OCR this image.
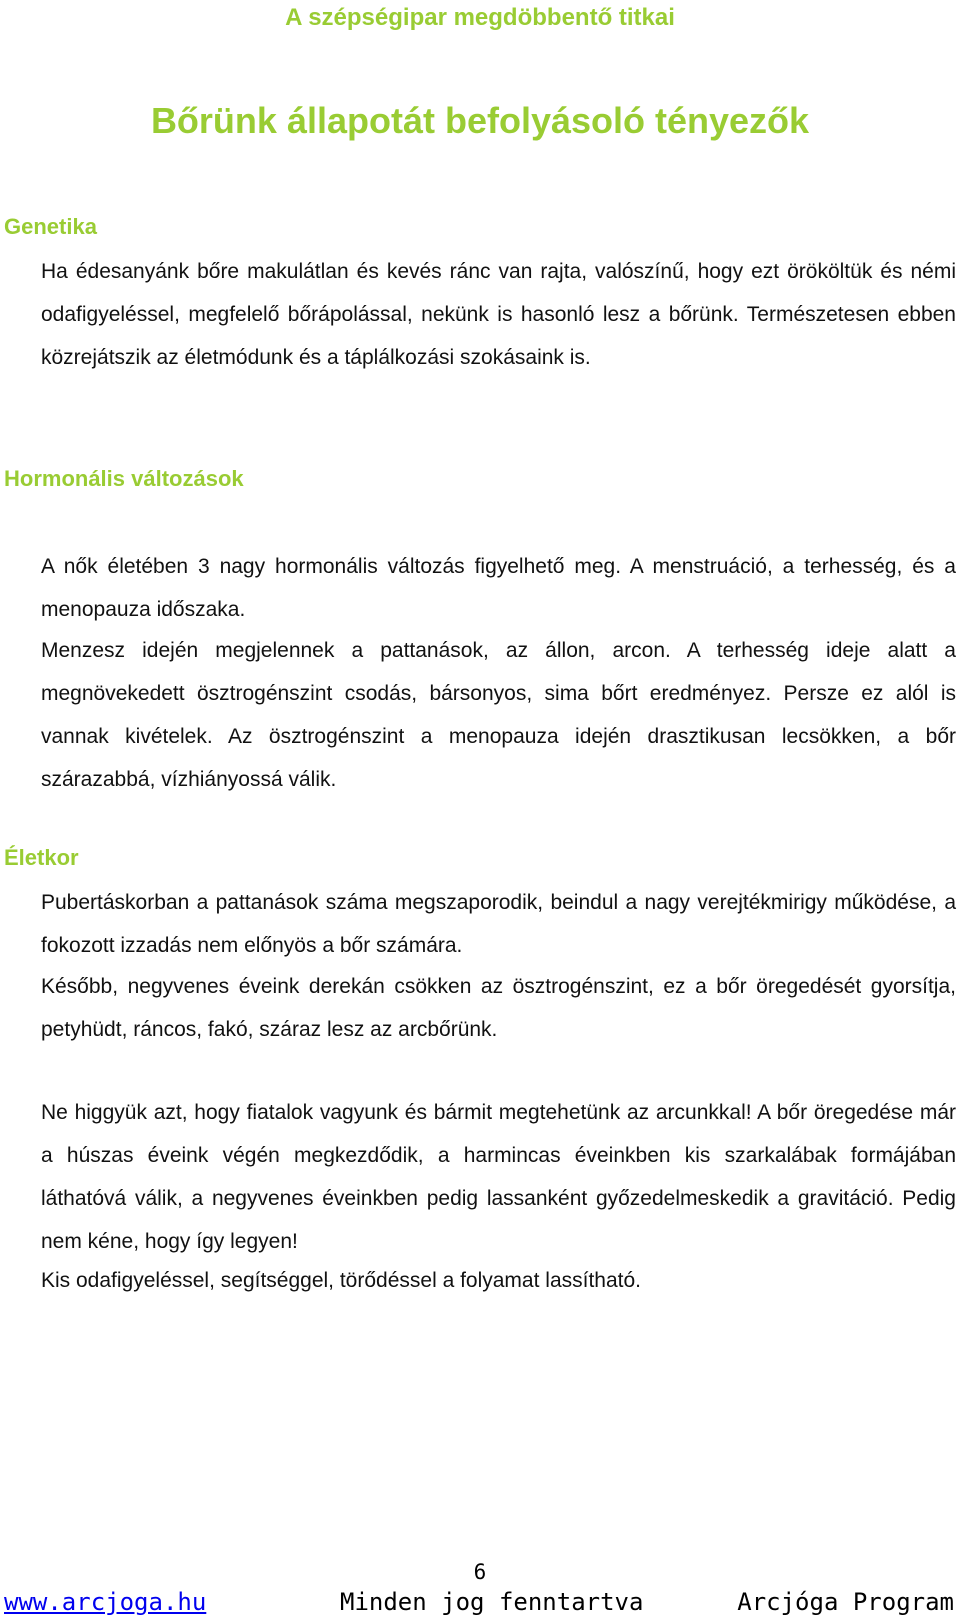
A szépségipar megdöbbentő titkai
Bőrünk állapotát befolyásoló tényezők
Genetika

Ha édesanyánk bőre makulátlan és kevés ránc van rajta, valószínű, hogy ezt örököltük és némi odafigyeléssel, megfelelő bőrápolással, nekünk is hasonló lesz a bőrünk. Természetesen ebben közrejátszik az életmódunk és a táplálkozási szokásaink is.

Hormonális változások

A nők életében 3 nagy hormonális változás figyelhető meg. A menstruáció, a terhesség, és a menopauza időszaka.

Menzesz idején megjelennek a pattanások, az állon, arcon. A terhesség ideje alatt a megnövekedett ösztrogénszint csodás, bársonyos, sima bőrt eredményez. Persze ez alól is vannak kivételek. Az ösztrogénszint a menopauza idején drasztikusan lecsökken, a bőr szárazabbá, vízhiányossá válik.

Életkor

Pubertáskorban a pattanások száma megszaporodik, beindul a nagy verejtékmirigy működése, a fokozott izzadás nem előnyös a bőr számára.

Később, negyvenes éveink derekán csökken az ösztrogénszint, ez a bőr öregedését gyorsítja, petyhüdt, ráncos, fakó, száraz lesz az arcbőrünk.

Ne higgyük azt, hogy fiatalok vagyunk és bármit megtehetünk az arcunkkal! A bőr öregedése már a húszas éveink végén megkezdődik, a harmincas éveinkben kis szarkalábak formájában láthatóvá válik, a negyvenes éveinkben pedig lassanként győzedelmeskedik a gravitáció. Pedig nem kéne, hogy így legyen!

Kis odafigyeléssel, segítséggel, törődéssel a folyamat lassítható.

6
www.arcjoga.hu	Minden jog fenntartva	Arcjóga Program
